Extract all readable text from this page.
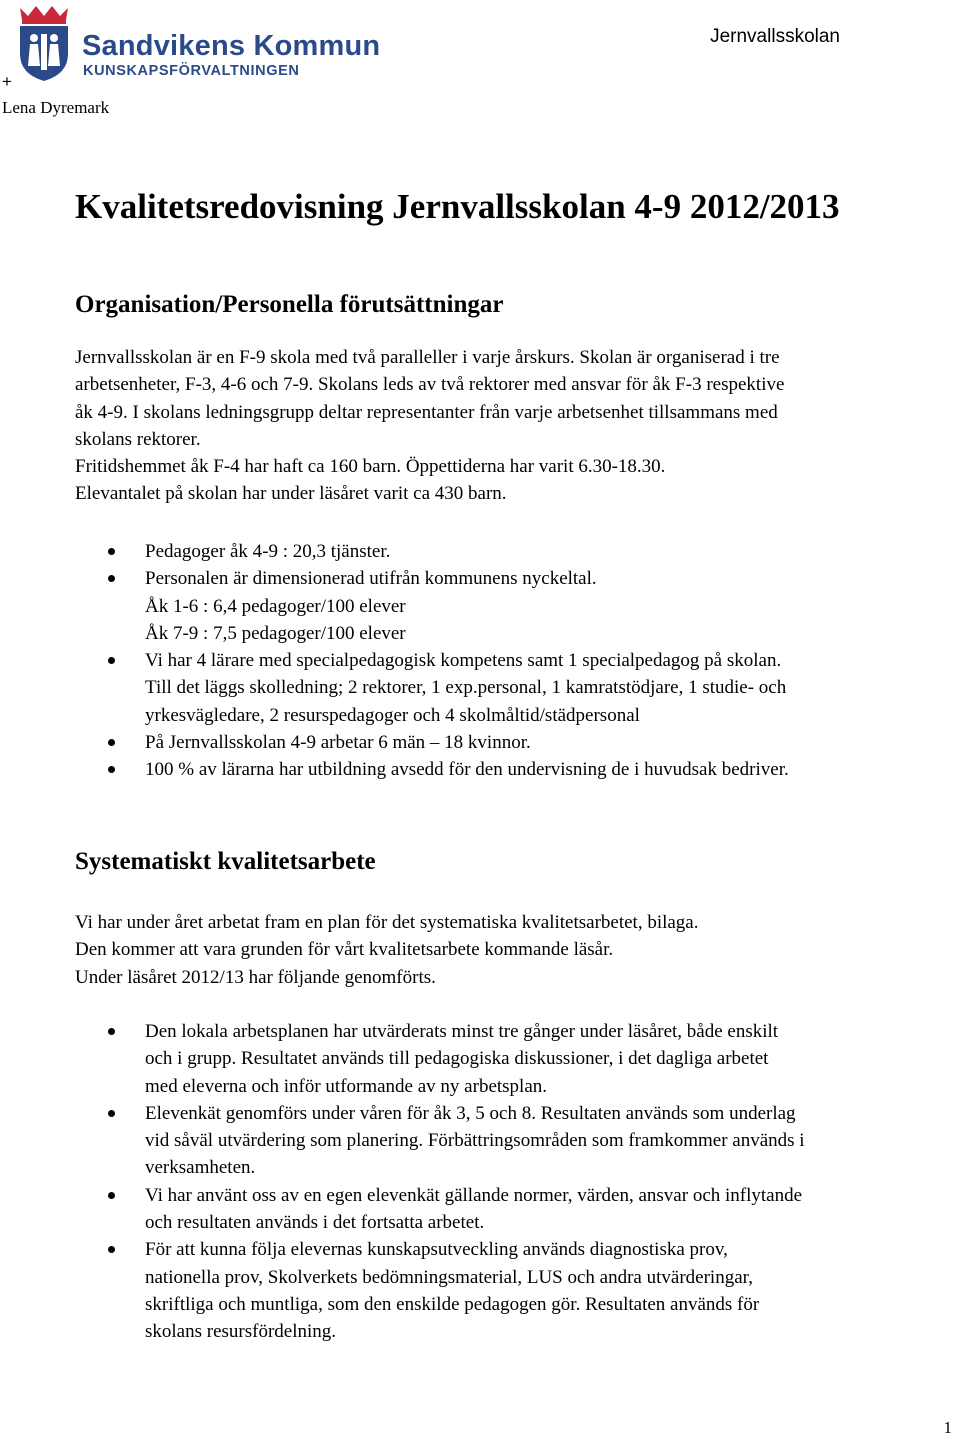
Sandvikens Kommun
KUNSKAPSFÖRVALTNINGEN
+
Lena Dyremark
Jernvallsskolan
Kvalitetsredovisning Jernvallsskolan 4-9 2012/2013
Organisation/Personella förutsättningar
Jernvallsskolan är en F-9 skola med två paralleller i varje årskurs. Skolan är organiserad i tre
arbetsenheter, F-3, 4-6 och 7-9. Skolans leds av två rektorer med ansvar för åk F-3 respektive
åk 4-9. I skolans ledningsgrupp deltar representanter från varje arbetsenhet tillsammans med
skolans rektorer.
Fritidshemmet åk F-4 har haft ca 160 barn. Öppettiderna har varit 6.30-18.30.
Elevantalet på skolan har under läsåret varit ca 430 barn.
Pedagoger åk 4-9 : 20,3 tjänster.
Personalen är dimensionerad utifrån kommunens nyckeltal.
Åk 1-6 : 6,4 pedagoger/100 elever
Åk 7-9 : 7,5 pedagoger/100 elever
Vi har 4 lärare med specialpedagogisk kompetens samt 1 specialpedagog på skolan.
Till det läggs skolledning; 2 rektorer, 1 exp.personal, 1 kamratstödjare, 1 studie- och
yrkesvägledare, 2 resurspedagoger och 4 skolmåltid/städpersonal
På Jernvallsskolan 4-9 arbetar 6 män – 18 kvinnor.
100 % av lärarna har utbildning avsedd för den undervisning de i huvudsak bedriver.
Systematiskt kvalitetsarbete
Vi har under året arbetat fram en plan för det systematiska kvalitetsarbetet, bilaga.
Den kommer att vara grunden för vårt kvalitetsarbete kommande läsår.
Under läsåret 2012/13 har följande genomförts.
Den lokala arbetsplanen har utvärderats minst tre gånger under läsåret, både enskilt
och i grupp. Resultatet används till pedagogiska diskussioner, i det dagliga arbetet
med eleverna och inför utformande av ny arbetsplan.
Elevenkät genomförs under våren för åk 3, 5 och 8. Resultaten används som underlag
vid såväl utvärdering som planering. Förbättringsområden som framkommer används i
verksamheten.
Vi har använt oss av en egen elevenkät gällande normer, värden, ansvar och inflytande
och resultaten används i det fortsatta arbetet.
För att kunna följa elevernas kunskapsutveckling används diagnostiska prov,
nationella prov, Skolverkets bedömningsmaterial, LUS och andra utvärderingar,
skriftliga och muntliga, som den enskilde pedagogen gör. Resultaten används för
skolans resursfördelning.
1
